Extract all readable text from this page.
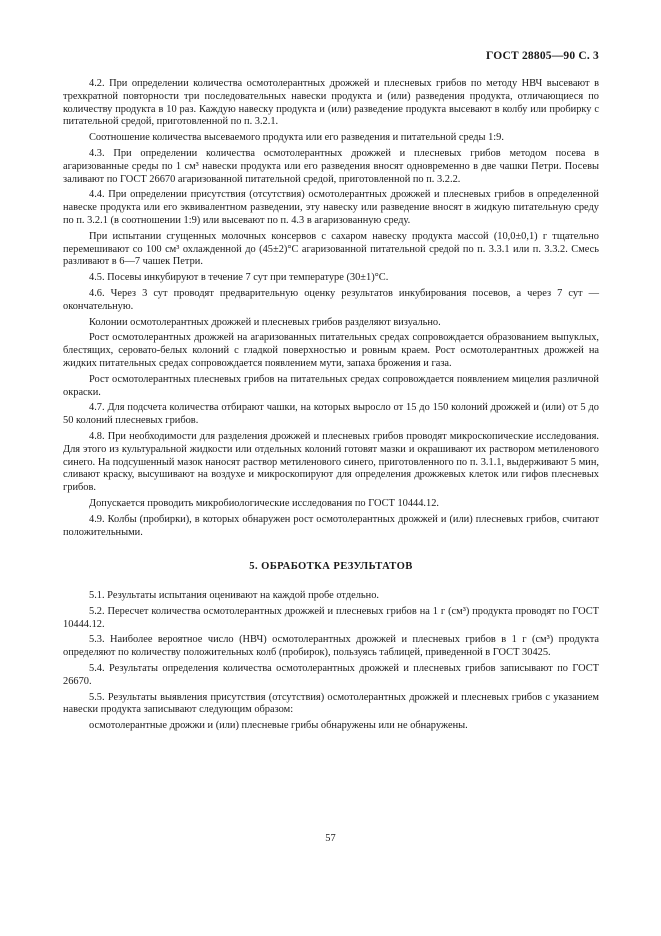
ГОСТ 28805—90 С. 3

4.2. При определении количества осмотолерантных дрожжей и плесневых грибов по методу НВЧ высевают в трехкратной повторности три последовательных навески продукта и (или) разведения продукта, отличающиеся по количеству продукта в 10 раз. Каждую навеску продукта и (или) разведение продукта высевают в колбу или пробирку с питательной средой, приготовленной по п. 3.2.1.

Соотношение количества высеваемого продукта или его разведения и питательной среды 1:9.

4.3. При определении количества осмотолерантных дрожжей и плесневых грибов методом посева в агаризованные среды по 1 см³ навески продукта или его разведения вносят одновременно в две чашки Петри. Посевы заливают по ГОСТ 26670 агаризованной питательной средой, приготовленной по п. 3.2.2.

4.4. При определении присутствия (отсутствия) осмотолерантных дрожжей и плесневых грибов в определенной навеске продукта или его эквивалентном разведении, эту навеску или разведение вносят в жидкую питательную среду по п. 3.2.1 (в соотношении 1:9) или высевают по п. 4.3 в агаризованную среду.

При испытании сгущенных молочных консервов с сахаром навеску продукта массой (10,0±0,1) г тщательно перемешивают со 100 см³ охлажденной до (45±2)°С агаризованной питательной средой по п. 3.3.1 или п. 3.3.2. Смесь разливают в 6—7 чашек Петри.

4.5. Посевы инкубируют в течение 7 сут при температуре (30±1)°С.

4.6. Через 3 сут проводят предварительную оценку результатов инкубирования посевов, а через 7 сут — окончательную.

Колонии осмотолерантных дрожжей и плесневых грибов разделяют визуально.

Рост осмотолерантных дрожжей на агаризованных питательных средах сопровождается образованием выпуклых, блестящих, серовато-белых колоний с гладкой поверхностью и ровным краем. Рост осмотолерантных дрожжей на жидких питательных средах сопровождается появлением мути, запаха брожения и газа.

Рост осмотолерантных плесневых грибов на питательных средах сопровождается появлением мицелия различной окраски.

4.7. Для подсчета количества отбирают чашки, на которых выросло от 15 до 150 колоний дрожжей и (или) от 5 до 50 колоний плесневых грибов.

4.8. При необходимости для разделения дрожжей и плесневых грибов проводят микроскопические исследования. Для этого из культуральной жидкости или отдельных колоний готовят мазки и окрашивают их раствором метиленового синего. На подсушенный мазок наносят раствор метиленового синего, приготовленного по п. 3.1.1, выдерживают 5 мин, сливают краску, высушивают на воздухе и микроскопируют для определения дрожжевых клеток или гифов плесневых грибов.

Допускается проводить микробиологические исследования по ГОСТ 10444.12.

4.9. Колбы (пробирки), в которых обнаружен рост осмотолерантных дрожжей и (или) плесневых грибов, считают положительными.

5. ОБРАБОТКА РЕЗУЛЬТАТОВ

5.1. Результаты испытания оценивают на каждой пробе отдельно.

5.2. Пересчет количества осмотолерантных дрожжей и плесневых грибов на 1 г (см³) продукта проводят по ГОСТ 10444.12.

5.3. Наиболее вероятное число (НВЧ) осмотолерантных дрожжей и плесневых грибов в 1 г (см³) продукта определяют по количеству положительных колб (пробирок), пользуясь таблицей, приведенной в ГОСТ 30425.

5.4. Результаты определения количества осмотолерантных дрожжей и плесневых грибов записывают по ГОСТ 26670.

5.5. Результаты выявления присутствия (отсутствия) осмотолерантных дрожжей и плесневых грибов с указанием навески продукта записывают следующим образом:

осмотолерантные дрожжи и (или) плесневые грибы обнаружены или не обнаружены.

57
